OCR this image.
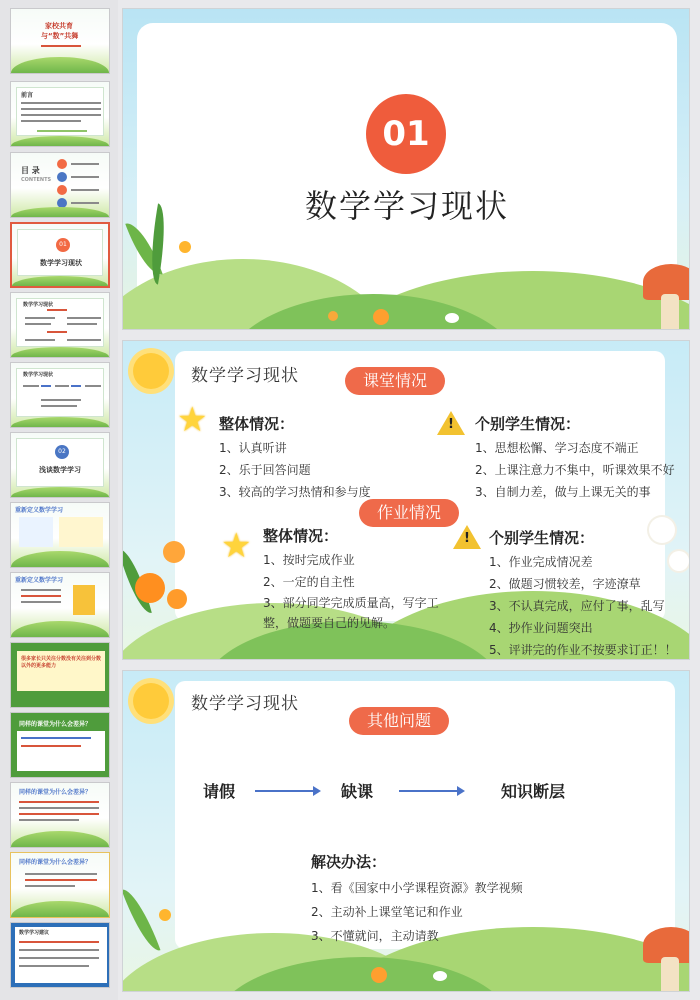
家校共育
与“数”共舞
前言
目 录
CONTENTS
01
数学学习现状
数学学习现状
数学学习现状
02
浅谈数学学习
重新定义数学学习
重新定义数学学习
很多家长只关注分数没有关注到分数以外的更多能力
同样的课堂为什么会差异？
同样的课堂为什么会差异？
同样的课堂为什么会差异？
数学学习建议
01
数学学习现状
数学学习现状	课堂情况
★ 整体情况：
1、认真听讲
2、乐于回答问题
3、较高的学习热情和参与度
! 个别学生情况：
1、思想松懈、学习态度不端正
2、上课注意力不集中，听课效果不好
3、自制力差，做与上课无关的事
作业情况
★ 整体情况：
1、按时完成作业
2、一定的自主性
3、部分同学完成质量高，写字工整，做题要自己的见解。
! 个别学生情况：
1、作业完成情况差
2、做题习惯较差，字迹潦草
3、不认真完成，应付了事，乱写
4、抄作业问题突出
5、评讲完的作业不按要求订正！！
数学学习现状
其他问题
请假	缺课	知识断层
解决办法：
1、看《国家中小学课程资源》教学视频
2、主动补上课堂笔记和作业
3、不懂就问，主动请教
